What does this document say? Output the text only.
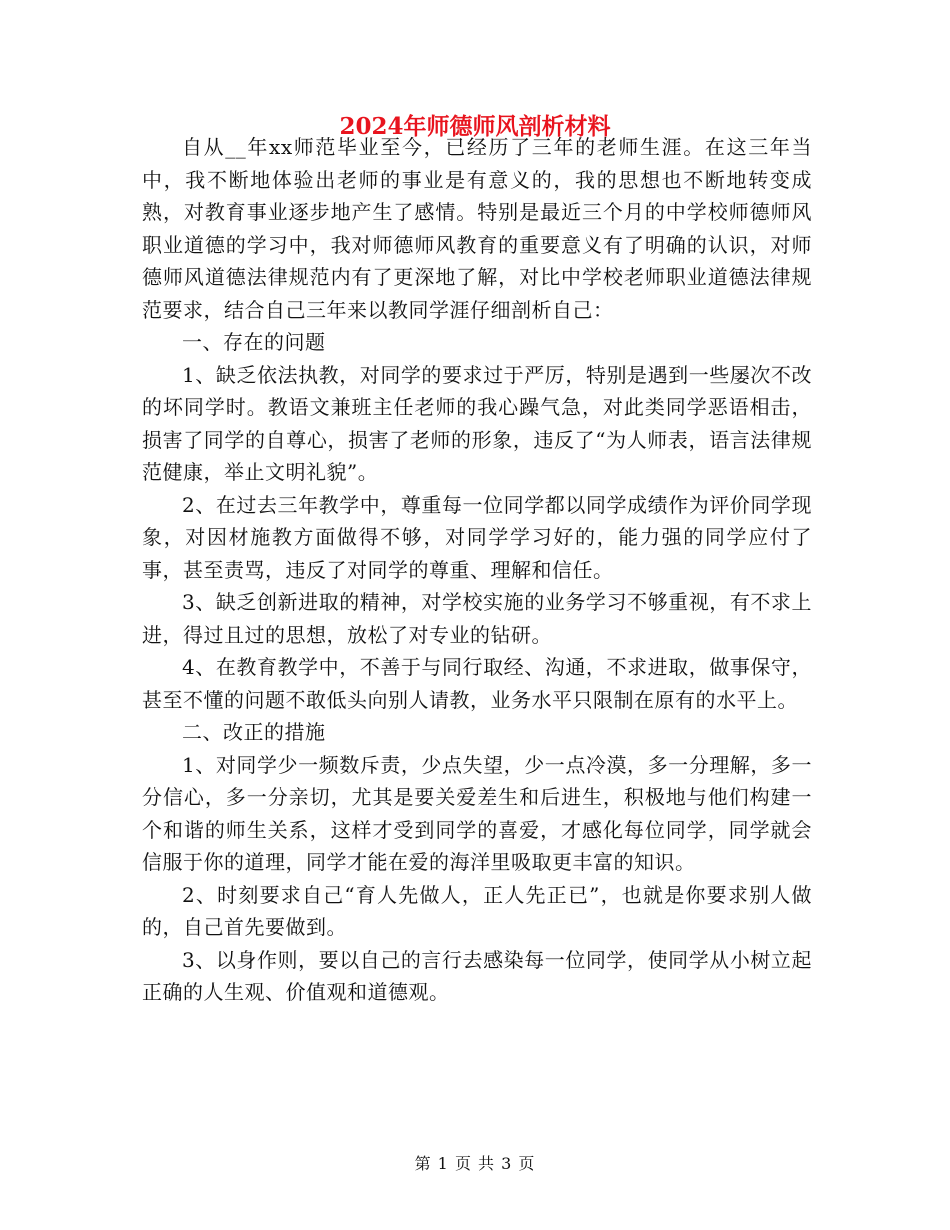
2024年师德师风剖析材料

自从__年xx师范毕业至今，已经历了三年的老师生涯。在这三年当中，我不断地体验出老师的事业是有意义的，我的思想也不断地转变成熟，对教育事业逐步地产生了感情。特别是最近三个月的中学校师德师风职业道德的学习中，我对师德师风教育的重要意义有了明确的认识，对师德师风道德法律规范内有了更深地了解，对比中学校老师职业道德法律规范要求，结合自己三年来以教同学涯仔细剖析自己：

一、存在的问题

1、缺乏依法执教，对同学的要求过于严厉，特别是遇到一些屡次不改的坏同学时。教语文兼班主任老师的我心躁气急，对此类同学恶语相击，损害了同学的自尊心，损害了老师的形象，违反了“为人师表，语言法律规范健康，举止文明礼貌”。

2、在过去三年教学中，尊重每一位同学都以同学成绩作为评价同学现象，对因材施教方面做得不够，对同学学习好的，能力强的同学应付了事，甚至责骂，违反了对同学的尊重、理解和信任。

3、缺乏创新进取的精神，对学校实施的业务学习不够重视，有不求上进，得过且过的思想，放松了对专业的钻研。

4、在教育教学中，不善于与同行取经、沟通，不求进取，做事保守，甚至不懂的问题不敢低头向别人请教，业务水平只限制在原有的水平上。

二、改正的措施

1、对同学少一频数斥责，少点失望，少一点冷漠，多一分理解，多一分信心，多一分亲切，尤其是要关爱差生和后进生，积极地与他们构建一个和谐的师生关系，这样才受到同学的喜爱，才感化每位同学，同学就会信服于你的道理，同学才能在爱的海洋里吸取更丰富的知识。

2、时刻要求自己“育人先做人，正人先正已”，也就是你要求别人做的，自己首先要做到。

3、以身作则，要以自己的言行去感染每一位同学，使同学从小树立起正确的人生观、价值观和道德观。

第 1 页 共 3 页
